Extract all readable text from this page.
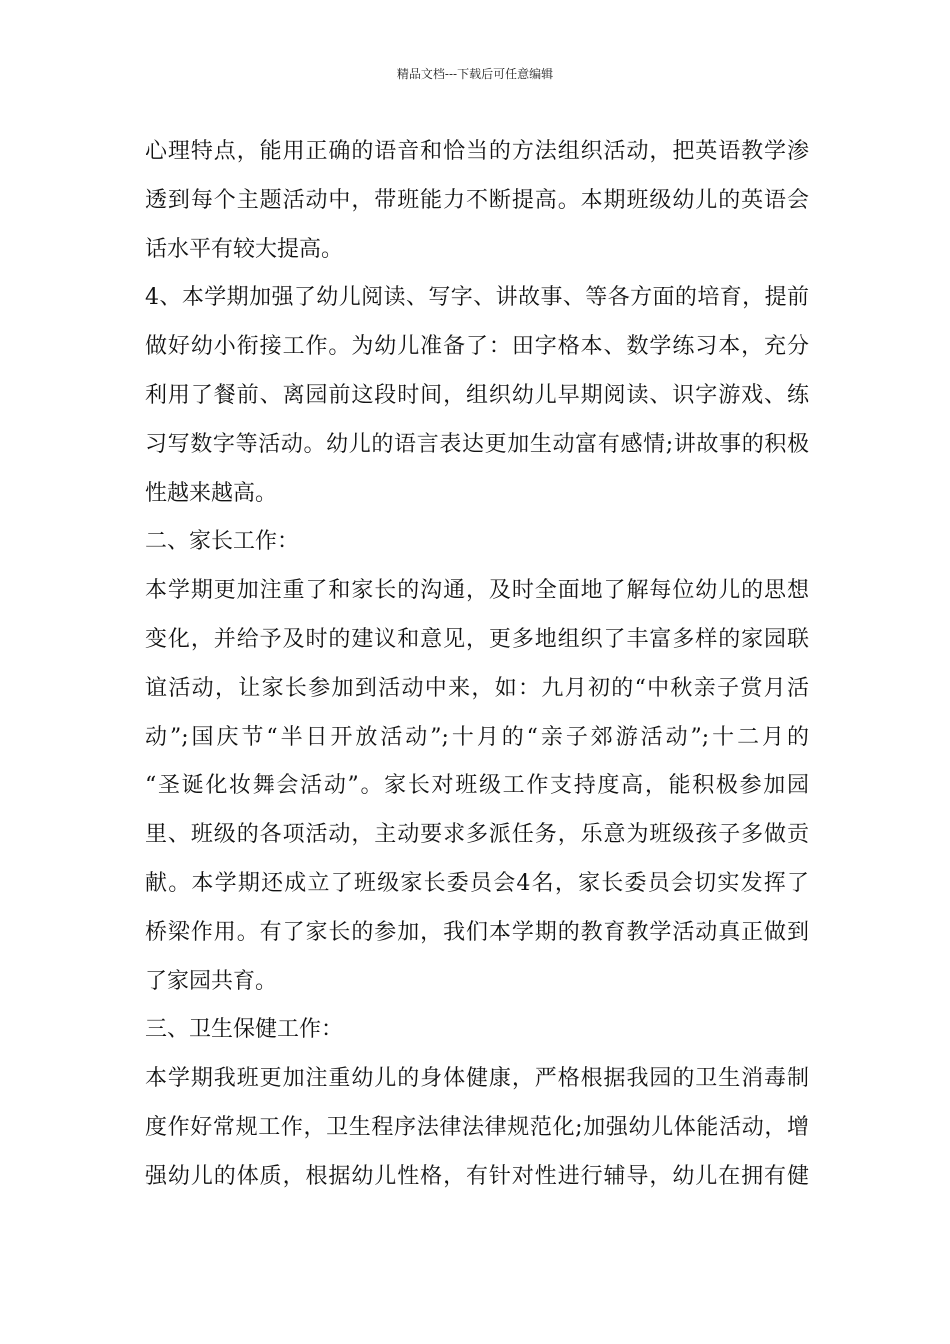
精品文档---下载后可任意编辑
心理特点，能用正确的语音和恰当的方法组织活动，把英语教学渗
透到每个主题活动中，带班能力不断提高。本期班级幼儿的英语会
话水平有较大提高。
4、本学期加强了幼儿阅读、写字、讲故事、等各方面的培育，提前
做好幼小衔接工作。为幼儿准备了：田字格本、数学练习本，充分
利用了餐前、离园前这段时间，组织幼儿早期阅读、识字游戏、练
习写数字等活动。幼儿的语言表达更加生动富有感情;讲故事的积极
性越来越高。
二、家长工作：
本学期更加注重了和家长的沟通，及时全面地了解每位幼儿的思想
变化，并给予及时的建议和意见，更多地组织了丰富多样的家园联
谊活动，让家长参加到活动中来，如：九月初的“中秋亲子赏月活
动”;国庆节“半日开放活动”;十月的“亲子郊游活动”;十二月的
“圣诞化妆舞会活动”。家长对班级工作支持度高，能积极参加园
里、班级的各项活动，主动要求多派任务，乐意为班级孩子多做贡
献。本学期还成立了班级家长委员会4名，家长委员会切实发挥了
桥梁作用。有了家长的参加，我们本学期的教育教学活动真正做到
了家园共育。
三、卫生保健工作：
本学期我班更加注重幼儿的身体健康，严格根据我园的卫生消毒制
度作好常规工作，卫生程序法律法律规范化;加强幼儿体能活动，增
强幼儿的体质，根据幼儿性格，有针对性进行辅导，幼儿在拥有健
